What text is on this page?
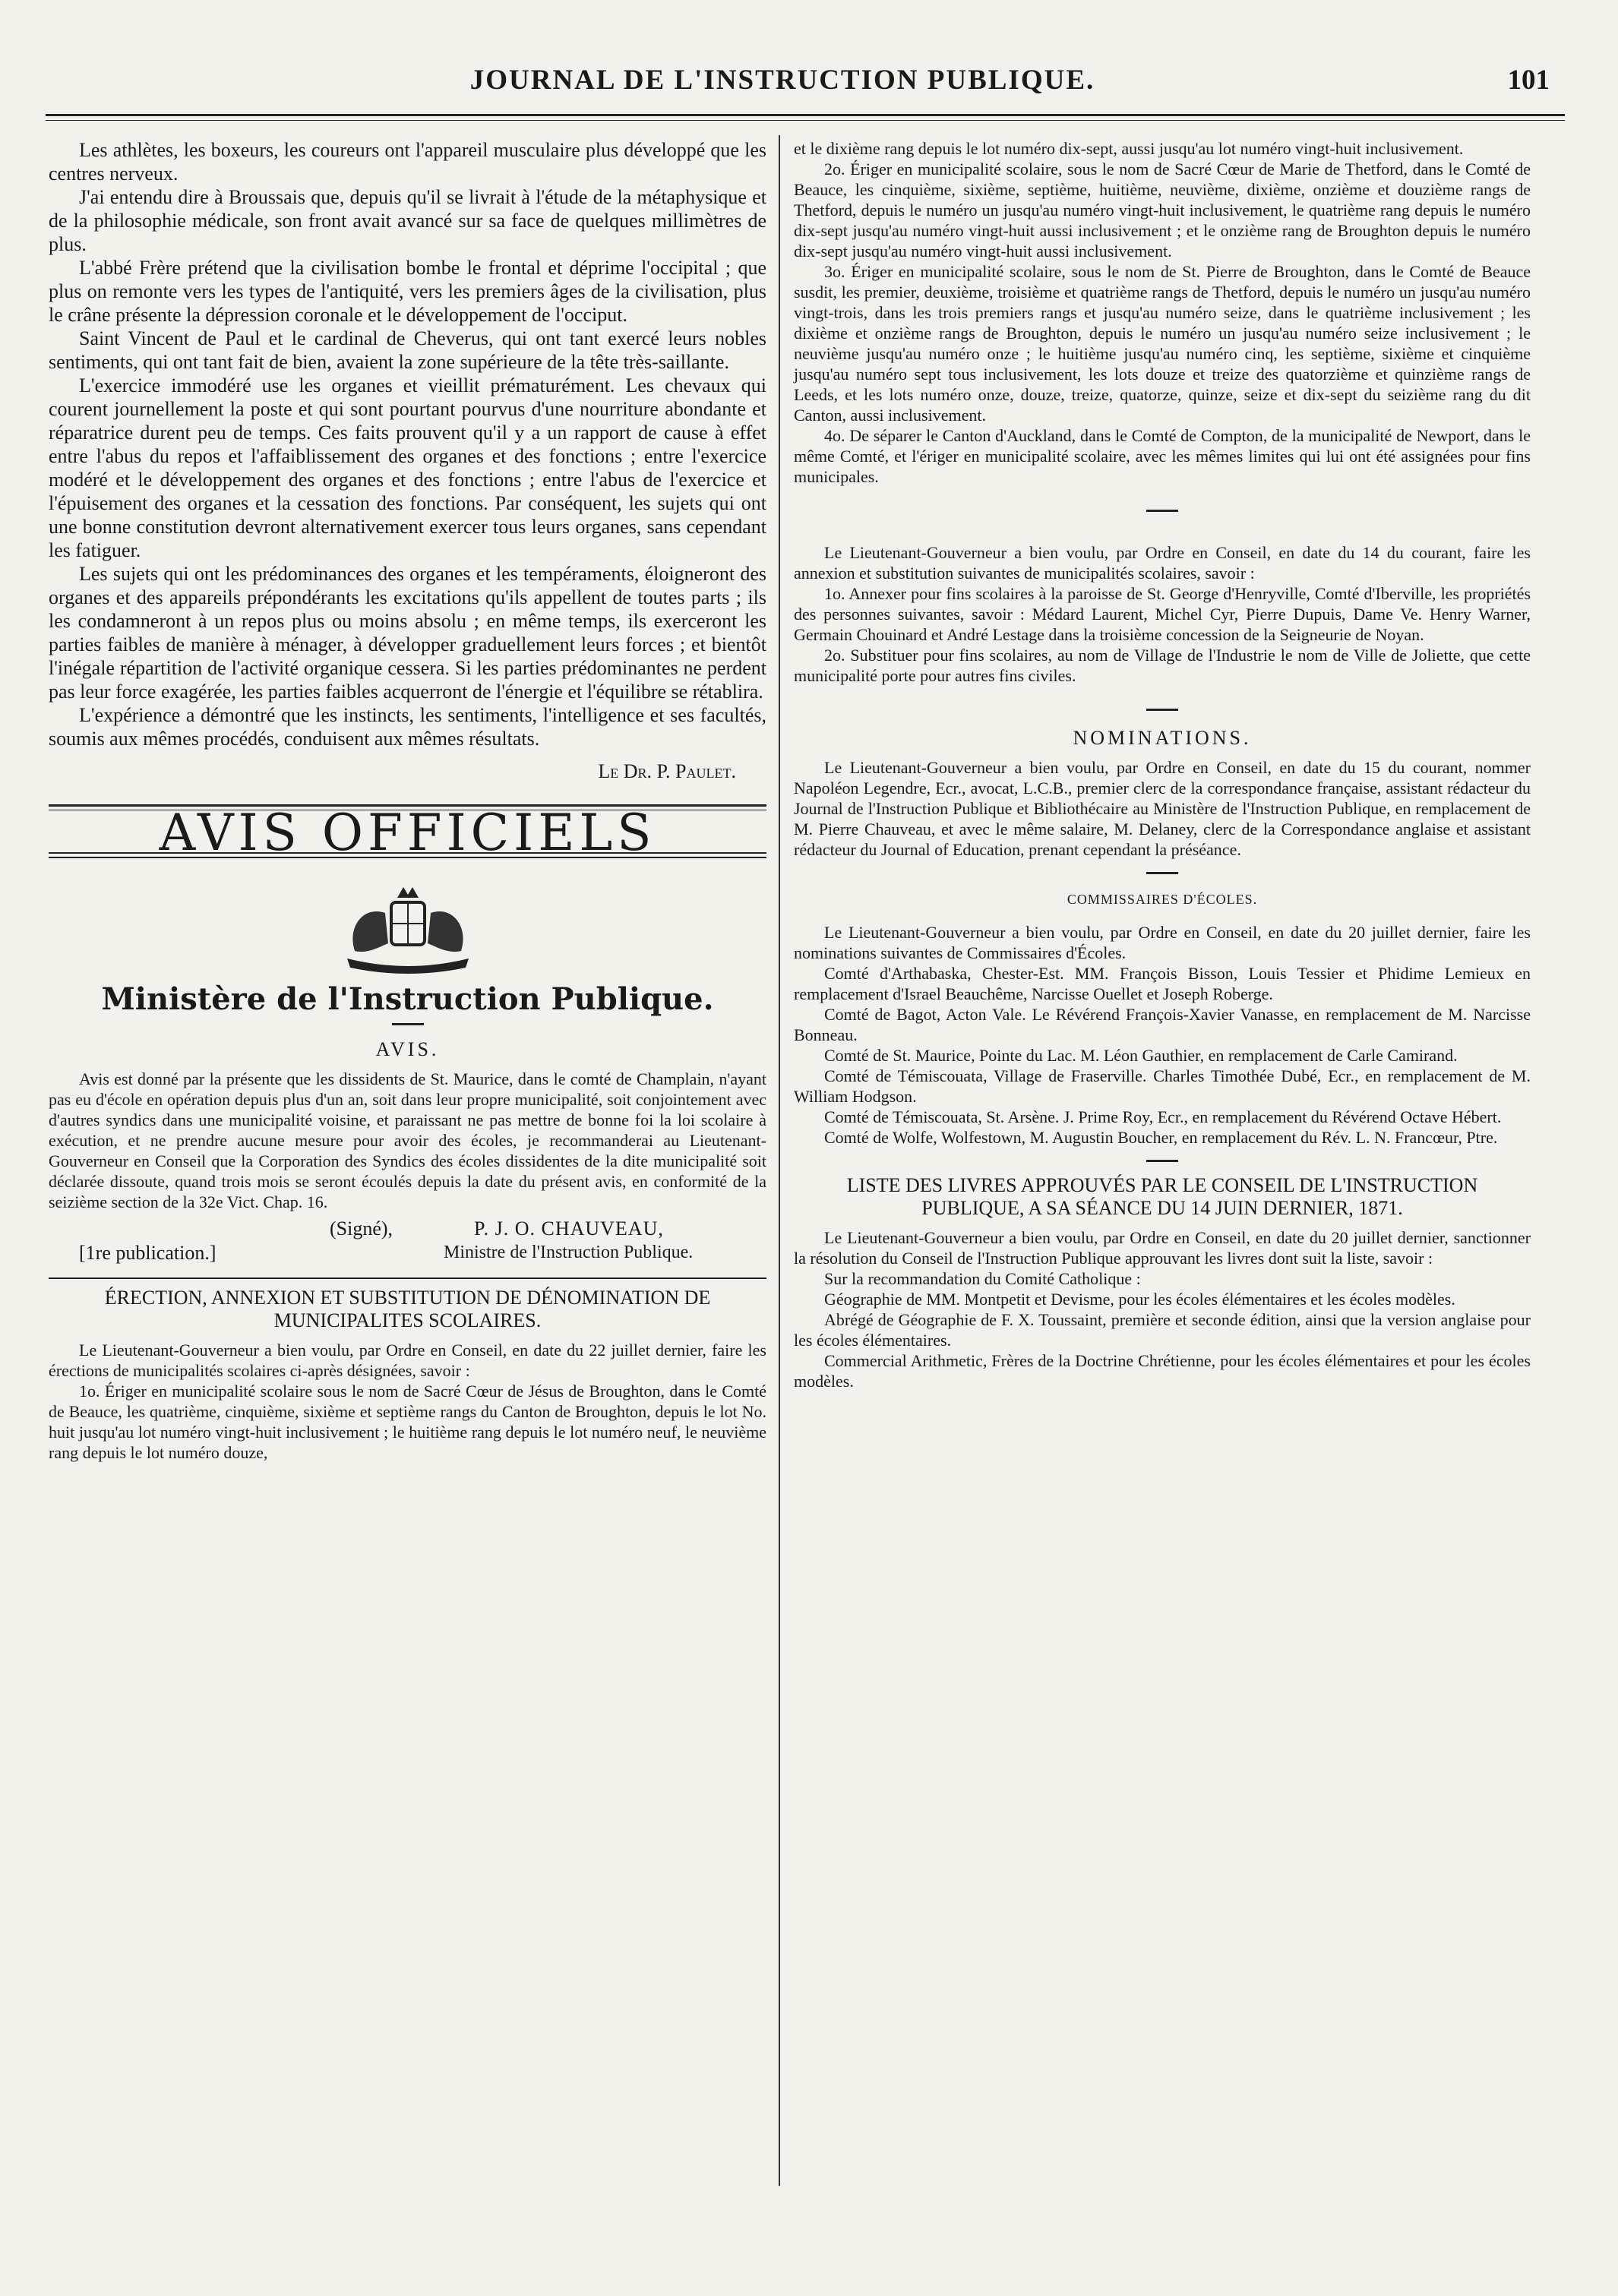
JOURNAL DE L'INSTRUCTION PUBLIQUE.	101

Les athlètes, les boxeurs, les coureurs ont l'appareil musculaire plus développé que les centres nerveux.

J'ai entendu dire à Broussais que, depuis qu'il se livrait à l'étude de la métaphysique et de la philosophie médicale, son front avait avancé sur sa face de quelques millimètres de plus.

L'abbé Frère prétend que la civilisation bombe le frontal et déprime l'occipital ; que plus on remonte vers les types de l'antiquité, vers les premiers âges de la civilisation, plus le crâne présente la dépression coronale et le développement de l'occiput.

Saint Vincent de Paul et le cardinal de Cheverus, qui ont tant exercé leurs nobles sentiments, qui ont tant fait de bien, avaient la zone supérieure de la tête très-saillante.

L'exercice immodéré use les organes et vieillit prématurément. Les chevaux qui courent journellement la poste et qui sont pourtant pourvus d'une nourriture abondante et réparatrice durent peu de temps. Ces faits prouvent qu'il y a un rapport de cause à effet entre l'abus du repos et l'affaiblissement des organes et des fonctions ; entre l'exercice modéré et le développement des organes et des fonctions ; entre l'abus de l'exercice et l'épuisement des organes et la cessation des fonctions. Par conséquent, les sujets qui ont une bonne constitution devront alternativement exercer tous leurs organes, sans cependant les fatiguer.

Les sujets qui ont les prédominances des organes et les tempéraments, éloigneront des organes et des appareils prépondérants les excitations qu'ils appellent de toutes parts ; ils les condamneront à un repos plus ou moins absolu ; en même temps, ils exerceront les parties faibles de manière à ménager, à développer graduellement leurs forces ; et bientôt l'inégale répartition de l'activité organique cessera. Si les parties prédominantes ne perdent pas leur force exagérée, les parties faibles acquerront de l'énergie et l'équilibre se rétablira.

L'expérience a démontré que les instincts, les sentiments, l'intelligence et ses facultés, soumis aux mêmes procédés, conduisent aux mêmes résultats.

Le Dr. P. Paulet.
AVIS OFFICIELS
Ministère de l'Instruction Publique.
AVIS.

Avis est donné par la présente que les dissidents de St. Maurice, dans le comté de Champlain, n'ayant pas eu d'école en opération depuis plus d'un an, soit dans leur propre municipalité, soit conjointement avec d'autres syndics dans une municipalité voisine, et paraissant ne pas mettre de bonne foi la loi scolaire à exécution, et ne prendre aucune mesure pour avoir des écoles, je recommanderai au Lieutenant-Gouverneur en Conseil que la Corporation des Syndics des écoles dissidentes de la dite municipalité soit déclarée dissoute, quand trois mois se seront écoulés depuis la date du présent avis, en conformité de la seizième section de la 32e Vict. Chap. 16.

(Signé),	P. J. O. CHAUVEAU,
[1re publication.]	Ministre de l'Instruction Publique.
ÉRECTION, ANNEXION ET SUBSTITUTION DE DÉNOMINATION DE MUNICIPALITES SCOLAIRES.

Le Lieutenant-Gouverneur a bien voulu, par Ordre en Conseil, en date du 22 juillet dernier, faire les érections de municipalités scolaires ci-après désignées, savoir :

1o. Ériger en municipalité scolaire sous le nom de Sacré Cœur de Jésus de Broughton, dans le Comté de Beauce, les quatrième, cinquième, sixième et septième rangs du Canton de Broughton, depuis le lot No. huit jusqu'au lot numéro vingt-huit inclusivement ; le huitième rang depuis le lot numéro neuf, le neuvième rang depuis le lot numéro douze,

et le dixième rang depuis le lot numéro dix-sept, aussi jusqu'au lot numéro vingt-huit inclusivement.

2o. Ériger en municipalité scolaire, sous le nom de Sacré Cœur de Marie de Thetford, dans le Comté de Beauce, les cinquième, sixième, septième, huitième, neuvième, dixième, onzième et douzième rangs de Thetford, depuis le numéro un jusqu'au numéro vingt-huit inclusivement, le quatrième rang depuis le numéro dix-sept jusqu'au numéro vingt-huit aussi inclusivement ; et le onzième rang de Broughton depuis le numéro dix-sept jusqu'au numéro vingt-huit aussi inclusivement.

3o. Ériger en municipalité scolaire, sous le nom de St. Pierre de Broughton, dans le Comté de Beauce susdit, les premier, deuxième, troisième et quatrième rangs de Thetford, depuis le numéro un jusqu'au numéro vingt-trois, dans les trois premiers rangs et jusqu'au numéro seize, dans le quatrième inclusivement ; les dixième et onzième rangs de Broughton, depuis le numéro un jusqu'au numéro seize inclusivement ; le neuvième jusqu'au numéro onze ; le huitième jusqu'au numéro cinq, les septième, sixième et cinquième jusqu'au numéro sept tous inclusivement, les lots douze et treize des quatorzième et quinzième rangs de Leeds, et les lots numéro onze, douze, treize, quatorze, quinze, seize et dix-sept du seizième rang du dit Canton, aussi inclusivement.

4o. De séparer le Canton d'Auckland, dans le Comté de Compton, de la municipalité de Newport, dans le même Comté, et l'ériger en municipalité scolaire, avec les mêmes limites qui lui ont été assignées pour fins municipales.

Le Lieutenant-Gouverneur a bien voulu, par Ordre en Conseil, en date du 14 du courant, faire les annexion et substitution suivantes de municipalités scolaires, savoir :

1o. Annexer pour fins scolaires à la paroisse de St. George d'Henryville, Comté d'Iberville, les propriétés des personnes suivantes, savoir : Médard Laurent, Michel Cyr, Pierre Dupuis, Dame Ve. Henry Warner, Germain Chouinard et André Lestage dans la troisième concession de la Seigneurie de Noyan.

2o. Substituer pour fins scolaires, au nom de Village de l'Industrie le nom de Ville de Joliette, que cette municipalité porte pour autres fins civiles.

NOMINATIONS.

Le Lieutenant-Gouverneur a bien voulu, par Ordre en Conseil, en date du 15 du courant, nommer Napoléon Legendre, Ecr., avocat, L.C.B., premier clerc de la correspondance française, assistant rédacteur du Journal de l'Instruction Publique et Bibliothécaire au Ministère de l'Instruction Publique, en remplacement de M. Pierre Chauveau, et avec le même salaire, M. Delaney, clerc de la Correspondance anglaise et assistant rédacteur du Journal of Education, prenant cependant la préséance.

COMMISSAIRES D'ÉCOLES.

Le Lieutenant-Gouverneur a bien voulu, par Ordre en Conseil, en date du 20 juillet dernier, faire les nominations suivantes de Commissaires d'Écoles.

Comté d'Arthabaska, Chester-Est. MM. François Bisson, Louis Tessier et Phidime Lemieux en remplacement d'Israel Beauchême, Narcisse Ouellet et Joseph Roberge.

Comté de Bagot, Acton Vale. Le Révérend François-Xavier Vanasse, en remplacement de M. Narcisse Bonneau.

Comté de St. Maurice, Pointe du Lac. M. Léon Gauthier, en remplacement de Carle Camirand.

Comté de Témiscouata, Village de Fraserville. Charles Timothée Dubé, Ecr., en remplacement de M. William Hodgson.

Comté de Témiscouata, St. Arsène. J. Prime Roy, Ecr., en remplacement du Révérend Octave Hébert.

Comté de Wolfe, Wolfestown, M. Augustin Boucher, en remplacement du Rév. L. N. Francœur, Ptre.

LISTE DES LIVRES APPROUVÉS PAR LE CONSEIL DE L'INSTRUCTION PUBLIQUE, A SA SÉANCE DU 14 JUIN DERNIER, 1871.

Le Lieutenant-Gouverneur a bien voulu, par Ordre en Conseil, en date du 20 juillet dernier, sanctionner la résolution du Conseil de l'Instruction Publique approuvant les livres dont suit la liste, savoir :

Sur la recommandation du Comité Catholique :

Géographie de MM. Montpetit et Devisme, pour les écoles élémentaires et les écoles modèles.

Abrégé de Géographie de F. X. Toussaint, première et seconde édition, ainsi que la version anglaise pour les écoles élémentaires.

Commercial Arithmetic, Frères de la Doctrine Chrétienne, pour les écoles élémentaires et pour les écoles modèles.
